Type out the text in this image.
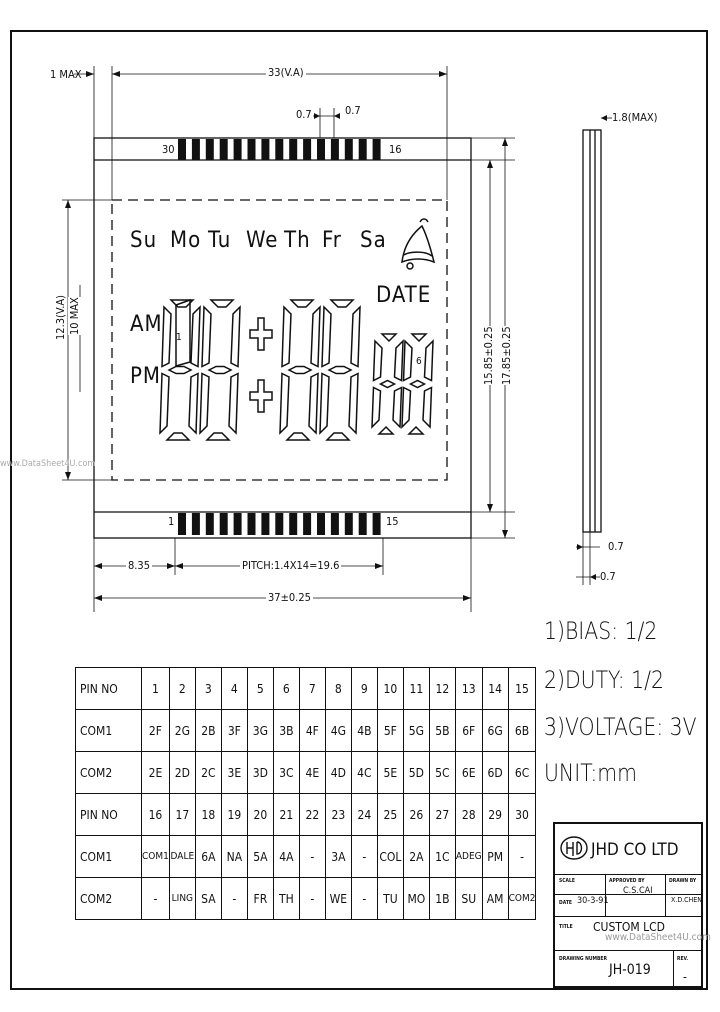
1 MAX	33(V.A)
0.7	0.7
1.8(MAX)
12.3(V.A) 10 MAX
15.85±0.25 17.85±0.25
8.35	PITCH:1.4X14=19.6
37±0.25
0.7
0.7
30	16
1	15
Su Mo Tu We Th Fr Sa
DATE
AM
PM
1
6
www.DataSheet4U.com
1)BIAS: 1/2
2)DUTY: 1/2
3)VOLTAGE: 3V
UNIT:mm
PIN NO	1	2	3	4	5	6	7	8	9	10	11	12	13	14	15
COM1	2F	2G	2B	3F	3G	3B	4F	4G	4B	5F	5G	5B	6F	6G	6B
COM2	2E	2D	2C	3E	3D	3C	4E	4D	4C	5E	5D	5C	6E	6D	6C
PIN NO	16	17	18	19	20	21	22	23	24	25	26	27	28	29	30
COM1	COM1	DALE	6A	NA	5A	4A	-	3A	-	COL	2A	1C	ADEG	PM	-
COM2	-	LING	SA	-	FR	TH	-	WE	-	TU	MO	1B	SU	AM	COM2
JHD CO LTD
SCALE	APPROVED BY	DRAWN BY
DATE 30-3-91
C.S.CAI
X.D.CHEN
TITLE CUSTOM LCD
www.DataSheet4U.com
DRAWING NUMBER
JH-019
REV.
-
